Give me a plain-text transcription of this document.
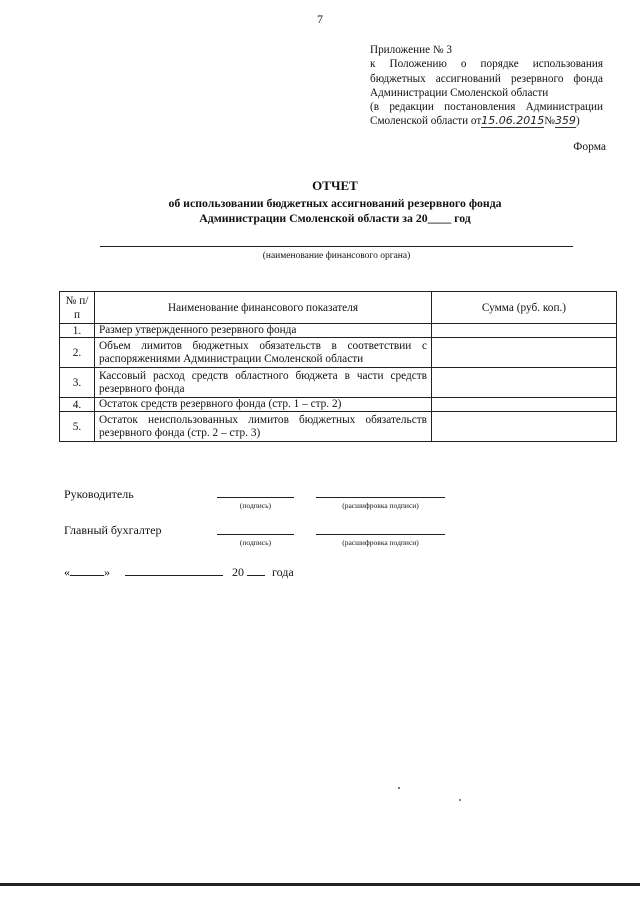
7
Приложение № 3
к Положению о порядке использования
бюджетных ассигнований резервного фонда
Администрации Смоленской области
(в редакции постановления Администрации
Смоленской области от15.06.2015№359)
Форма
ОТЧЕТ
об использовании бюджетных ассигнований резервного фонда
Администрации Смоленской области за 20____ год
(наименование финансового органа)
№ п/п	Наименование финансового показателя	Сумма (руб. коп.)
1.	Размер утвержденного резервного фонда	
2.	Объем лимитов бюджетных обязательств в соответствии с распоряжениями Администрации Смоленской области	
3.	Кассовый расход средств областного бюджета в части средств резервного фонда	
4.	Остаток средств резервного фонда (стр. 1 – стр. 2)	
5.	Остаток неиспользованных лимитов бюджетных обязательств резервного фонда (стр. 2 – стр. 3)	
Руководитель
(подпись)	(расшифровка подписи)
Главный бухгалтер
(подпись)	(расшифровка подписи)
«	»	20 года
